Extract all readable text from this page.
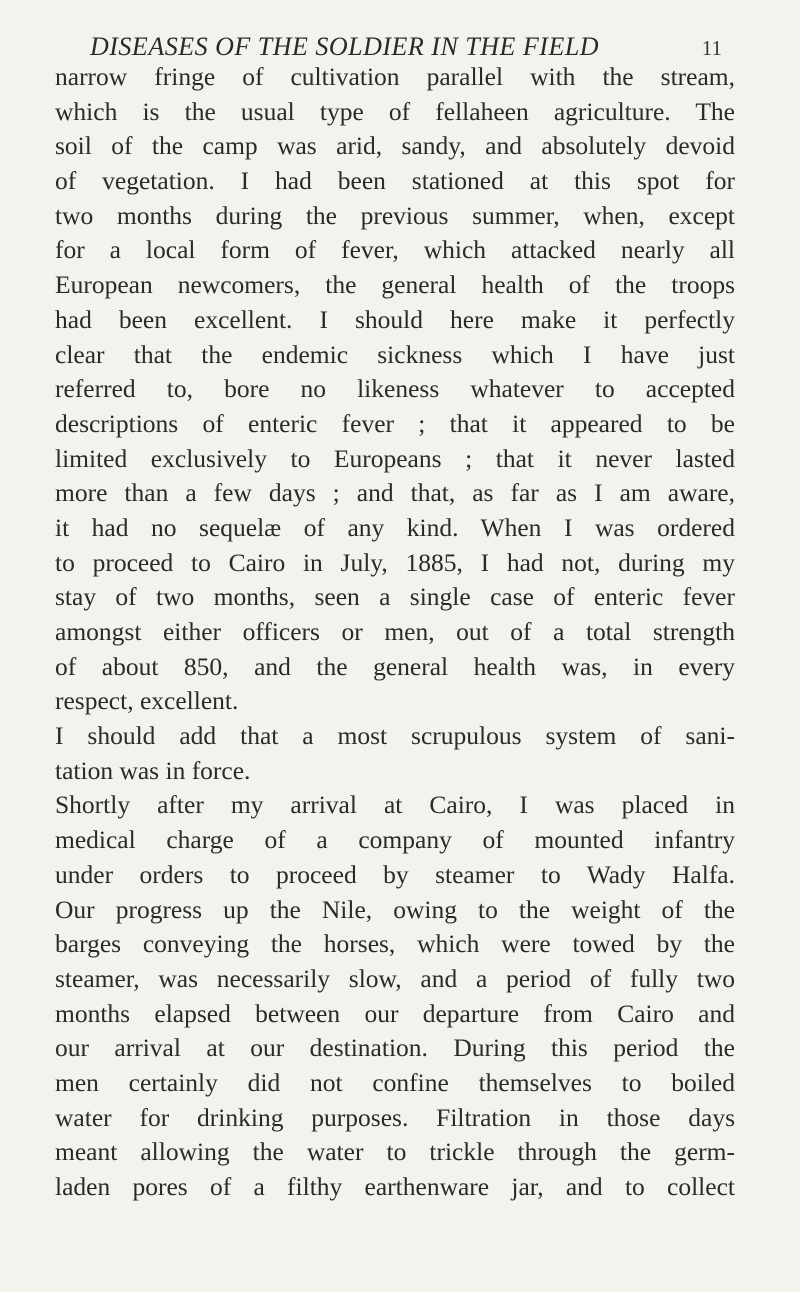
DISEASES OF THE SOLDIER IN THE FIELD	11
narrow fringe of cultivation parallel with the stream,
which is the usual type of fellaheen agriculture. The
soil of the camp was arid, sandy, and absolutely devoid
of vegetation. I had been stationed at this spot for
two months during the previous summer, when, except
for a local form of fever, which attacked nearly all
European newcomers, the general health of the troops
had been excellent. I should here make it perfectly
clear that the endemic sickness which I have just
referred to, bore no likeness whatever to accepted
descriptions of enteric fever ; that it appeared to be
limited exclusively to Europeans ; that it never lasted
more than a few days ; and that, as far as I am aware,
it had no sequelæ of any kind. When I was ordered
to proceed to Cairo in July, 1885, I had not, during my
stay of two months, seen a single case of enteric fever
amongst either officers or men, out of a total strength
of about 850, and the general health was, in every
respect, excellent.
I should add that a most scrupulous system of sani-
tation was in force.
Shortly after my arrival at Cairo, I was placed in
medical charge of a company of mounted infantry
under orders to proceed by steamer to Wady Halfa.
Our progress up the Nile, owing to the weight of the
barges conveying the horses, which were towed by the
steamer, was necessarily slow, and a period of fully two
months elapsed between our departure from Cairo and
our arrival at our destination. During this period the
men certainly did not confine themselves to boiled
water for drinking purposes. Filtration in those days
meant allowing the water to trickle through the germ-
laden pores of a filthy earthenware jar, and to collect
